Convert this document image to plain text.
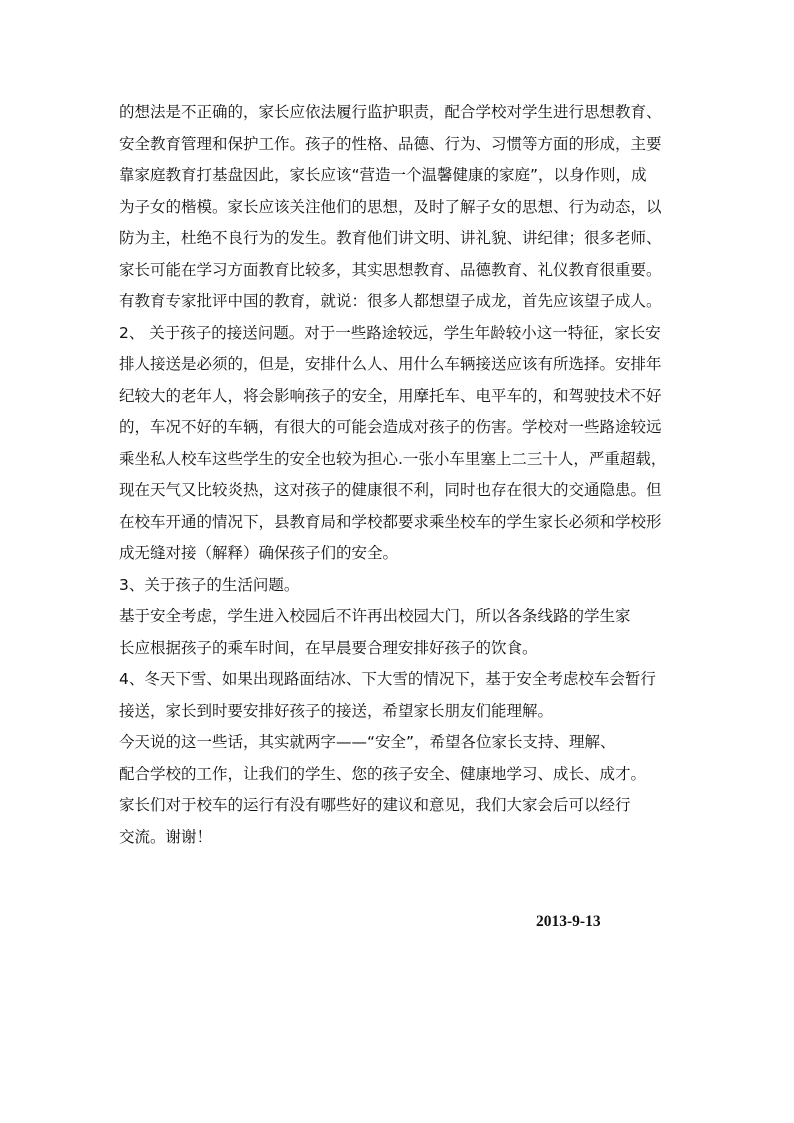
的想法是不正确的，家长应依法履行监护职责，配合学校对学生进行思想教育、
安全教育管理和保护工作。孩子的性格、品德、行为、习惯等方面的形成，主要
靠家庭教育打基盘因此，家长应该“营造一个温馨健康的家庭”，以身作则，成
为子女的楷模。家长应该关注他们的思想，及时了解子女的思想、行为动态，以
防为主，杜绝不良行为的发生。教育他们讲文明、讲礼貌、讲纪律；很多老师、
家长可能在学习方面教育比较多，其实思想教育、品德教育、礼仪教育很重要。
有教育专家批评中国的教育，就说：很多人都想望子成龙，首先应该望子成人。
2、 关于孩子的接送问题。对于一些路途较远，学生年龄较小这一特征，家长安
排人接送是必须的，但是，安排什么人、用什么车辆接送应该有所选择。安排年
纪较大的老年人，将会影响孩子的安全，用摩托车、电平车的，和驾驶技术不好
的，车况不好的车辆，有很大的可能会造成对孩子的伤害。学校对一些路途较远
乘坐私人校车这些学生的安全也较为担心.一张小车里塞上二三十人，严重超载，
现在天气又比较炎热，这对孩子的健康很不利，同时也存在很大的交通隐患。但
在校车开通的情况下，县教育局和学校都要求乘坐校车的学生家长必须和学校形
成无缝对接（解释）确保孩子们的安全。
3、关于孩子的生活问题。
基于安全考虑，学生进入校园后不许再出校园大门，所以各条线路的学生家
长应根据孩子的乘车时间，在早晨要合理安排好孩子的饮食。
4、冬天下雪、如果出现路面结冰、下大雪的情况下，基于安全考虑校车会暂行
接送，家长到时要安排好孩子的接送，希望家长朋友们能理解。
今天说的这一些话，其实就两字——“安全”，希望各位家长支持、理解、
配合学校的工作，让我们的学生、您的孩子安全、健康地学习、成长、成才。
家长们对于校车的运行有没有哪些好的建议和意见，我们大家会后可以经行
交流。谢谢！
2013-9-13
